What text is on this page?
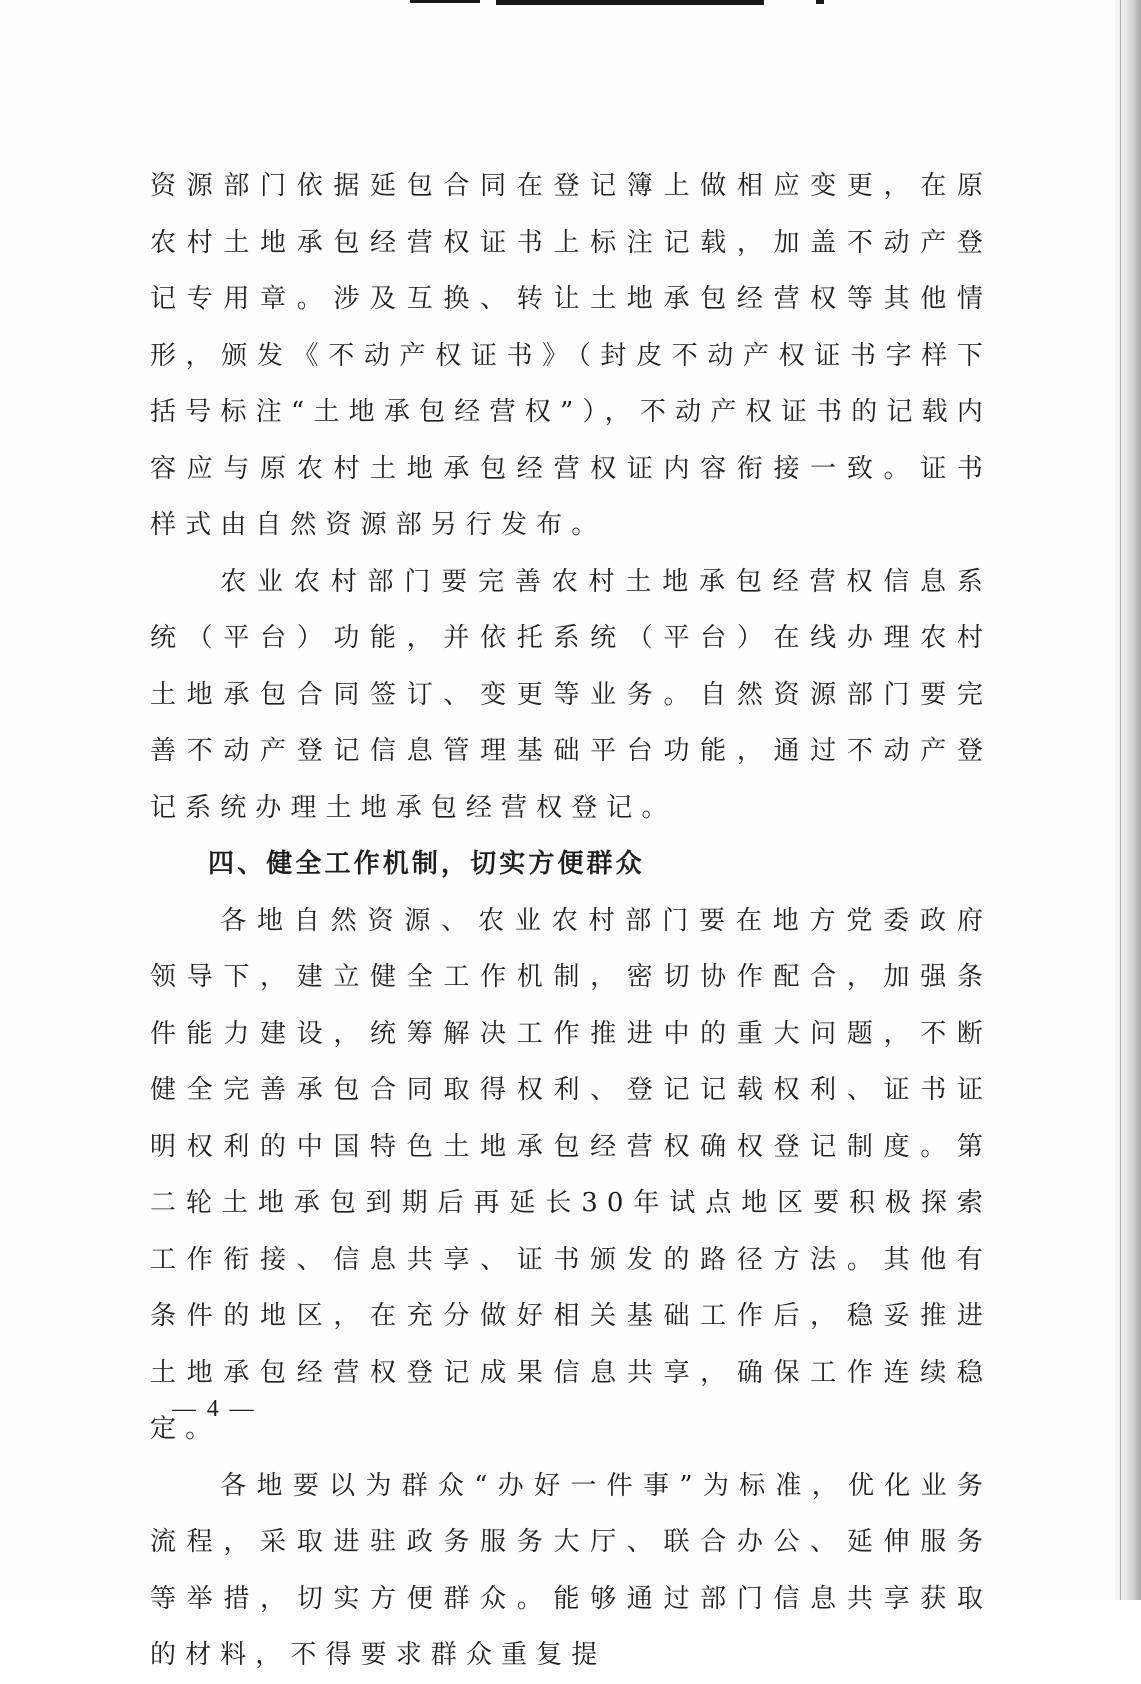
资源部门依据延包合同在登记簿上做相应变更，在原农村土地承包经营权证书上标注记载，加盖不动产登记专用章。涉及互换、转让土地承包经营权等其他情形，颁发《不动产权证书》（封皮不动产权证书字样下括号标注“土地承包经营权”），不动产权证书的记载内容应与原农村土地承包经营权证内容衔接一致。证书样式由自然资源部另行发布。

农业农村部门要完善农村土地承包经营权信息系统（平台）功能，并依托系统（平台）在线办理农村土地承包合同签订、变更等业务。自然资源部门要完善不动产登记信息管理基础平台功能，通过不动产登记系统办理土地承包经营权登记。

四、健全工作机制，切实方便群众

各地自然资源、农业农村部门要在地方党委政府领导下，建立健全工作机制，密切协作配合，加强条件能力建设，统筹解决工作推进中的重大问题，不断健全完善承包合同取得权利、登记记载权利、证书证明权利的中国特色土地承包经营权确权登记制度。第二轮土地承包到期后再延长30年试点地区要积极探索工作衔接、信息共享、证书颁发的路径方法。其他有条件的地区，在充分做好相关基础工作后，稳妥推进土地承包经营权登记成果信息共享，确保工作连续稳定。

各地要以为群众“办好一件事”为标准，优化业务流程，采取进驻政务服务大厅、联合办公、延伸服务等举措，切实方便群众。能够通过部门信息共享获取的材料，不得要求群众重复提

— 4 —
